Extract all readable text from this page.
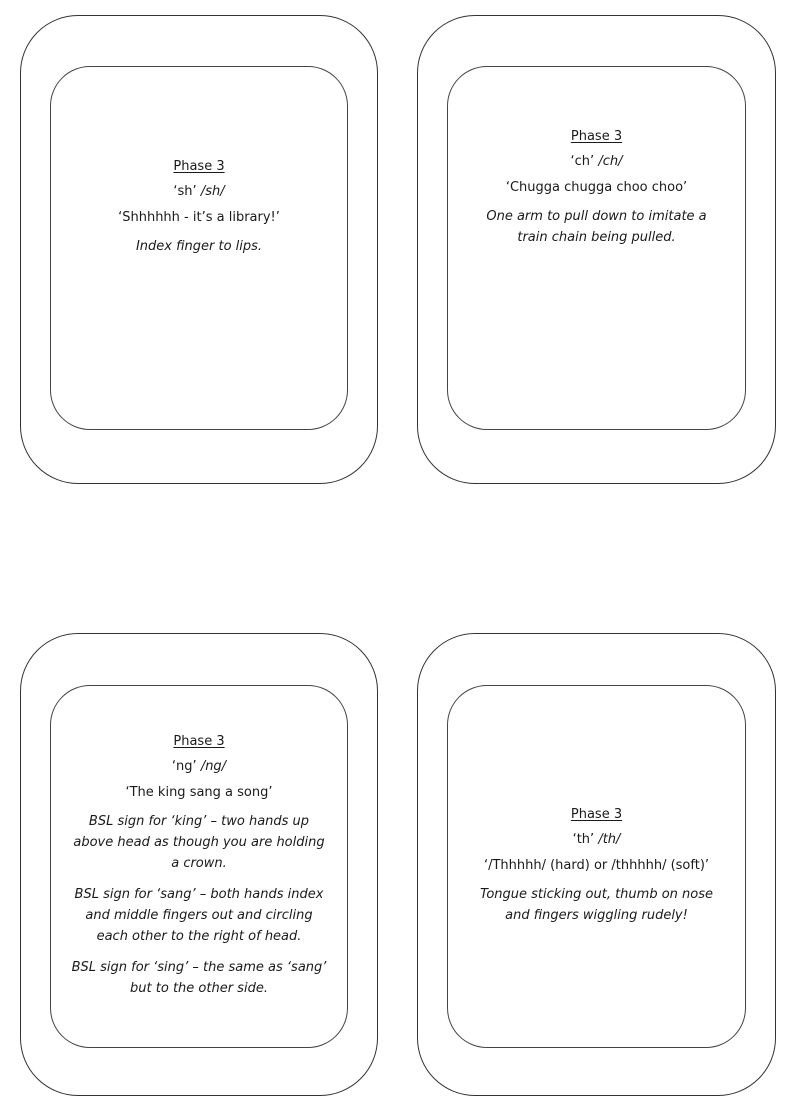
Phase 3
‘sh’ /sh/
‘Shhhhhh - it’s a library!’
Index finger to lips.
Phase 3
‘ch’ /ch/
‘Chugga chugga choo choo’
One arm to pull down to imitate a train chain being pulled.
Phase 3
‘ng’ /ng/
‘The king sang a song’
BSL sign for ‘king’ – two hands up above head as though you are holding a crown.
BSL sign for ‘sang’ – both hands index and middle fingers out and circling each other to the right of head.
BSL sign for ‘sing’ – the same as ‘sang’ but to the other side.
Phase 3
‘th’ /th/
‘/Thhhhh/ (hard) or /thhhhh/ (soft)’
Tongue sticking out, thumb on nose and fingers wiggling rudely!
